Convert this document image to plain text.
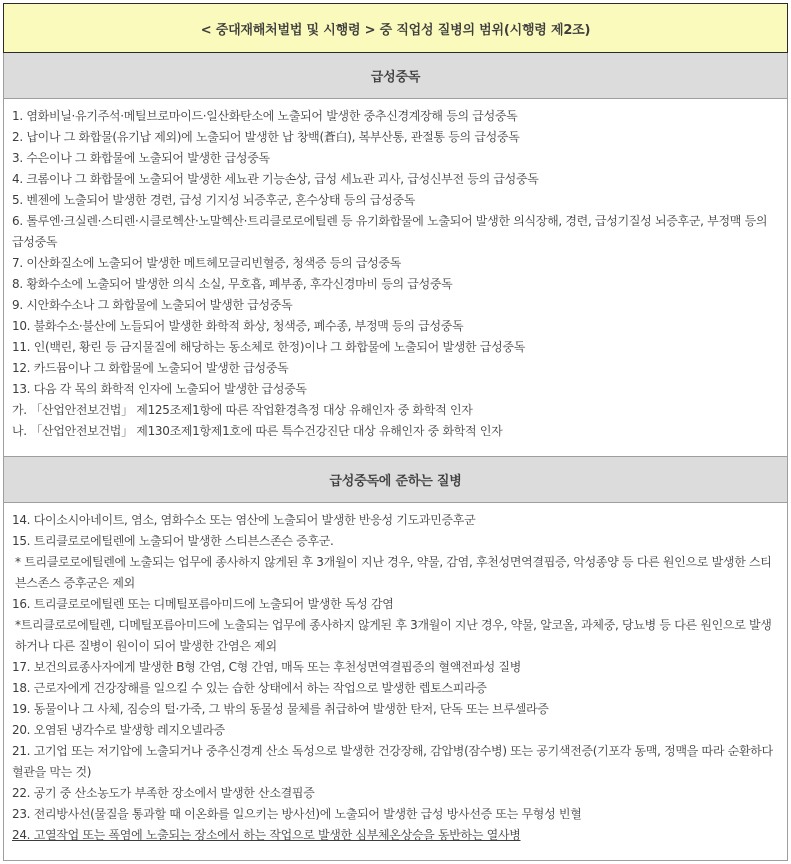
< 중대재해처벌법 및 시행령 > 중 직업성 질병의 범위(시행령 제2조)
급성중독
1. 염화비닐·유기주석·메틸브로마이드·일산화탄소에 노출되어 발생한 중추신경계장해 등의 급성중독
2. 납이나 그 화합물(유기납 제외)에 노출되어 발생한 납 창백(蒼白), 복부산통, 관절통 등의 급성중독
3. 수은이나 그 화합물에 노출되어 발생한 급성중독
4. 크롬이나 그 화합물에 노출되어 발생한 세뇨관 기능손상, 급성 세뇨관 괴사, 급성신부전 등의 급성중독
5. 벤젠에 노출되어 발생한 경련, 급성 기지성 뇌증후군, 혼수상태 등의 급성중독
6. 톨루엔·크실렌·스티렌·시클로헥산·노말헥산·트리클로로에틸렌 등 유기화합물에 노출되어 발생한 의식장해, 경련, 급성기질성 뇌증후군, 부정맥 등의 급성중독
7. 이산화질소에 노출되어 발생한 메트헤모글리빈혈증, 청색증 등의 급성중독
8. 황화수소에 노출되어 발생한 의식 소실, 무호흡, 폐부종, 후각신경마비 등의 급성중독
9. 시안화수소나 그 화합물에 노출되어 발생한 급성중독
10. 불화수소·불산에 노들되어 발생한 화학적 화상, 청색증, 폐수종, 부정맥 등의 급성중독
11. 인(백린, 황린 등 금지물질에 해당하는 동소체로 한정)이나 그 화합물에 노출되어 발생한 급성중독
12. 카드뮴이나 그 화합물에 노출되어 발생한 급성중독
13. 다음 각 목의 화학적 인자에 노출되어 발생한 급성중독
가. 「산업안전보건법」 제125조제1항에 따른 작업환경측정 대상 유해인자 중 화학적 인자
나. 「산업안전보건법」 제130조제1항제1호에 따른 특수건강진단 대상 유해인자 중 화학적 인자
급성중독에 준하는 질병
14. 다이소시아네이트, 염소, 염화수소 또는 염산에 노출되어 발생한 반응성 기도과민증후군
15. 트리클로로에틸렌에 노출되어 발생한 스티븐스존슨 증후군.
* 트리클로로에틸렌에 노출되는 업무에 종사하지 않게된 후 3개월이 지난 경우, 약물, 감염, 후천성면역결핍증, 악성종양 등 다른 원인으로 발생한 스티븐스존스 증후군은 제외
16. 트리클로로에틸렌 또는 디메틸포름아미드에 노출되어 발생한 독성 감염
*트리클로로에틸렌, 디메틸포름아미드에 노출되는 업무에 종사하지 않게된 후 3개월이 지난 경우, 약물, 알코올, 과체중, 당뇨병 등 다른 원인으로 발생하거나 다른 질병이 원이이 되어 발생한 간염은 제외
17. 보건의료종사자에게 발생한 B형 간염, C형 간염, 매독 또는 후천성면역결핍증의 혈액전파성 질병
18. 근로자에게 건강장해를 일으킬 수 있는 습한 상태에서 하는 작업으로 발생한 렙토스피라증
19. 동물이나 그 사체, 짐승의 털·가죽, 그 밖의 동물성 물체를 취급하여 발생한 탄저, 단독 또는 브루셀라증
20. 오염된 냉각수로 발생항 레지오넬라증
21. 고기업 또는 저기압에 노출되거나 중추신경계 산소 독성으로 발생한 건강장해, 감압병(잠수병) 또는 공기색전증(기포각 동맥, 정맥을 따라 순환하다 혈관을 막는 것)
22. 공기 중 산소농도가 부족한 장소에서 발생한 산소결핍증
23. 전리방사선(물질을 통과할 때 이온화를 일으키는 방사선)에 노출되어 발생한 급성 방사선증 또는 무형성 빈혈
24. 고열작업 또는 폭염에 노출되는 장소에서 하는 작업으로 발생한 심부체온상승을 동반하는 열사병
